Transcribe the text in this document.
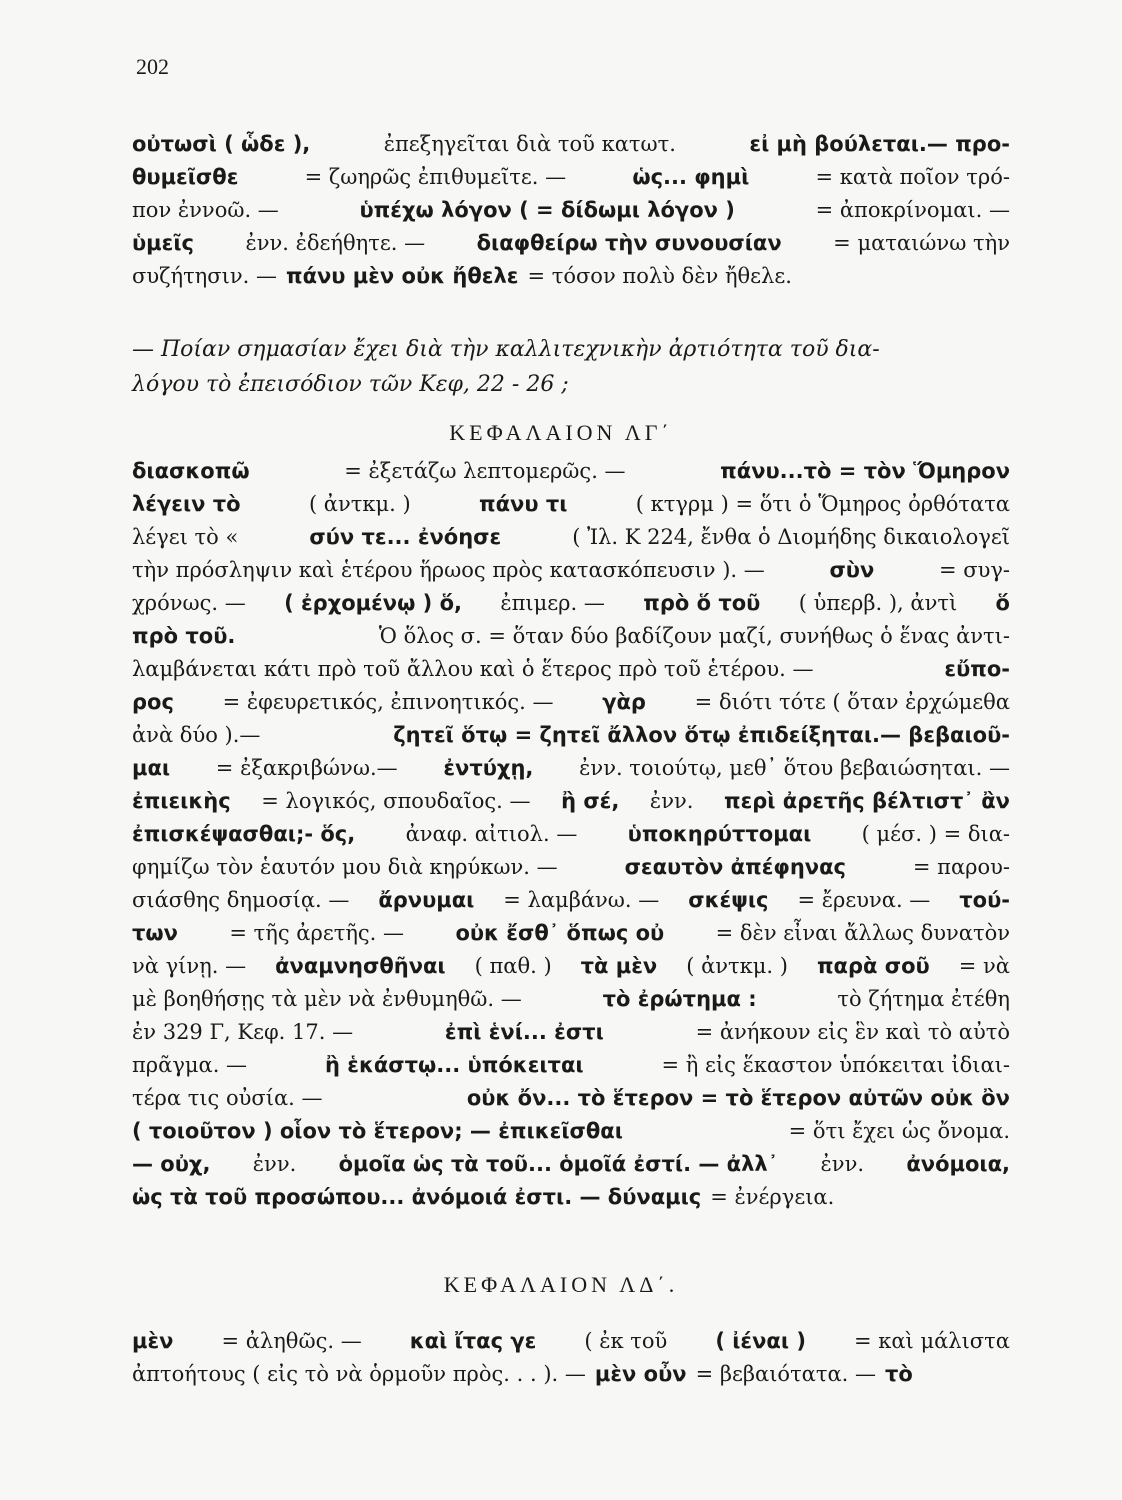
202
οὐτωσὶ ( ὧδε ),	ἐπεξηγεῖται διὰ τοῦ κατωτ.	εἰ μὴ βούλεται.— προ-
θυμεῖσθε	= ζωηρῶς ἐπιθυμεῖτε. —	ὡς... φημὶ	= κατὰ ποῖον τρό-
πον ἐννοῶ. —	ὑπέχω λόγον ( = δίδωμι λόγον )	= ἀποκρίνομαι. —
ὑμεῖς ἐνν. ἐδεήθητε. — διαφθείρω τὴν συνουσίαν = ματαιώνω τὴν
συζήτησιν. — πάνυ μὲν οὐκ ἤθελε = τόσον πολὺ δὲν ἤθελε.
— Ποίαν σημασίαν ἔχει διὰ τὴν καλλιτεχνικὴν ἀρτιότητα τοῦ δια-
λόγου τὸ ἐπεισόδιον τῶν Κεφ, 22 - 26 ;
ΚΕΦΑΛΑΙΟΝ ΛΓ΄
διασκοπῶ	= ἐξετάζω λεπτομερῶς. —	πάνυ...τὸ = τὸν Ὅμηρον
λέγειν τὸ	( ἀντκμ. )	πάνυ τι	( κτγρμ ) = ὅτι ὁ Ὅμηρος ὀρθότατα
λέγει τὸ «	σύν τε... ἐνόησε	( Ἰλ. Κ 224, ἔνθα ὁ Διομήδης δικαιολογεῖ
τὴν πρόσληψιν καὶ ἑτέρου ἥρωος πρὸς κατασκόπευσιν ). —	σὺν	= συγ-
χρόνως. — ( ἐρχομένῳ ) ὅ, ἐπιμερ. — πρὸ ὅ τοῦ ( ὑπερβ. ), ἀντὶ ὅ
πρὸ τοῦ.	Ὁ ὅλος σ. = ὅταν δύο βαδίζουν μαζί, συνήθως ὁ ἕνας ἀντι-
λαμβάνεται κάτι πρὸ τοῦ ἄλλου καὶ ὁ ἕτερος πρὸ τοῦ ἑτέρου. —	εὔπο-
ρος = ἐφευρετικός, ἐπινοητικός. — γὰρ = διότι τότε ( ὅταν ἐρχώμεθα
ἀνὰ δύο ).—	ζητεῖ ὅτῳ = ζητεῖ ἄλλον ὅτῳ ἐπιδείξηται.— βεβαιοῦ-
μαι = ἐξακριβώνω.— ἐντύχῃ, ἐνν. τοιούτῳ, μεθ᾽ ὅτου βεβαιώσηται. —
ἐπιεικὴς = λογικός, σπουδαῖος. — ἢ σέ, ἐνν. περὶ ἀρετῆς βέλτιστ᾽ ἂν
ἐπισκέψασθαι;- ὅς, ἀναφ. αἰτιολ. — ὑποκηρύττομαι ( μέσ. ) = δια-
φημίζω τὸν ἑαυτόν μου διὰ κηρύκων. —	σεαυτὸν ἀπέφηνας	= παρου-
σιάσθης δημοσίᾳ. — ἄρνυμαι = λαμβάνω. — σκέψις = ἔρευνα. — τού-
των = τῆς ἀρετῆς. — οὐκ ἔσθ᾽ ὅπως οὐ = δὲν εἶναι ἄλλως δυνατὸν
νὰ γίνῃ. — ἀναμνησθῆναι ( παθ. ) τὰ μὲν ( ἀντκμ. ) παρὰ σοῦ = νὰ
μὲ βοηθήσῃς τὰ μὲν νὰ ἐνθυμηθῶ. —	τὸ ἐρώτημα :	τὸ ζήτημα ἐτέθη
ἐν 329 Γ, Κεφ. 17. —	ἐπὶ ἑνί... ἐστι	= ἀνήκουν εἰς ἓν καὶ τὸ αὐτὸ
πρᾶγμα. —	ἢ ἑκάστῳ... ὑπόκειται	= ἢ εἰς ἕκαστον ὑπόκειται ἰδιαι-
τέρα τις οὐσία. —	οὐκ ὄν... τὸ ἕτερον = τὸ ἕτερον αὐτῶν οὐκ ὂν
( τοιοῦτον ) οἷον τὸ ἕτερον; — ἐπικεῖσθαι	= ὅτι ἔχει ὡς ὄνομα.
— οὐχ, ἐνν. ὁμοῖα ὡς τὰ τοῦ... ὁμοῖά ἐστί. — ἀλλ᾽ ἐνν. ἀνόμοια,
ὡς τὰ τοῦ προσώπου... ἀνόμοιά ἐστι. — δύναμις = ἐνέργεια.
ΚΕΦΑΛΑΙΟΝ ΛΔ΄.
μὲν = ἀληθῶς. — καὶ ἴτας γε ( ἐκ τοῦ ( ἰέναι ) = καὶ μάλιστα
ἀπτοήτους ( εἰς τὸ νὰ ὁρμοῦν πρὸς. . . ). — μὲν οὖν = βεβαιότατα. — τὸ
